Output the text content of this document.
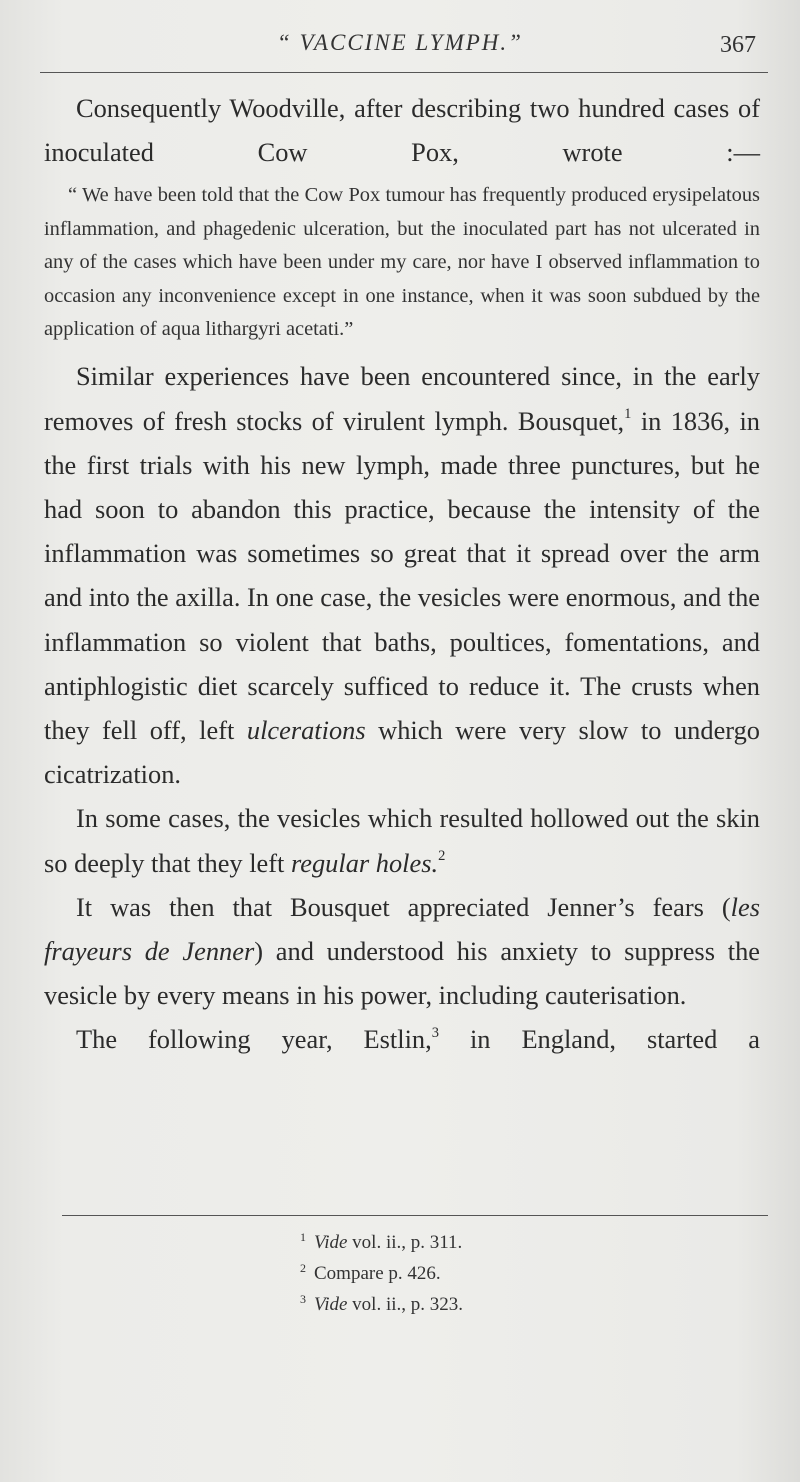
“ VACCINE LYMPH.”	367

Consequently Woodville, after describing two hundred cases of inoculated Cow Pox, wrote :—

“ We have been told that the Cow Pox tumour has frequently produced erysipelatous inflammation, and phagedenic ulceration, but the inoculated part has not ulcerated in any of the cases which have been under my care, nor have I observed inflammation to occasion any inconvenience except in one instance, when it was soon subdued by the application of aqua lithargyri acetati.”

Similar experiences have been encountered since, in the early removes of fresh stocks of virulent lymph. Bousquet,$^1$ in 1836, in the first trials with his new lymph, made three punctures, but he had soon to abandon this practice, because the intensity of the inflammation was sometimes so great that it spread over the arm and into the axilla. In one case, the vesicles were enormous, and the inflammation so violent that baths, poultices, fomentations, and antiphlogistic diet scarcely sufficed to reduce it. The crusts when they fell off, left ulcerations which were very slow to undergo cicatrization.

In some cases, the vesicles which resulted hollowed out the skin so deeply that they left regular holes.$^2$

It was then that Bousquet appreciated Jenner’s fears (les frayeurs de Jenner) and understood his anxiety to suppress the vesicle by every means in his power, including cauterisation.

The following year, Estlin,$^3$ in England, started a

$^1$ Vide vol. ii., p. 311.
$^2$ Compare p. 426.
$^3$ Vide vol. ii., p. 323.
